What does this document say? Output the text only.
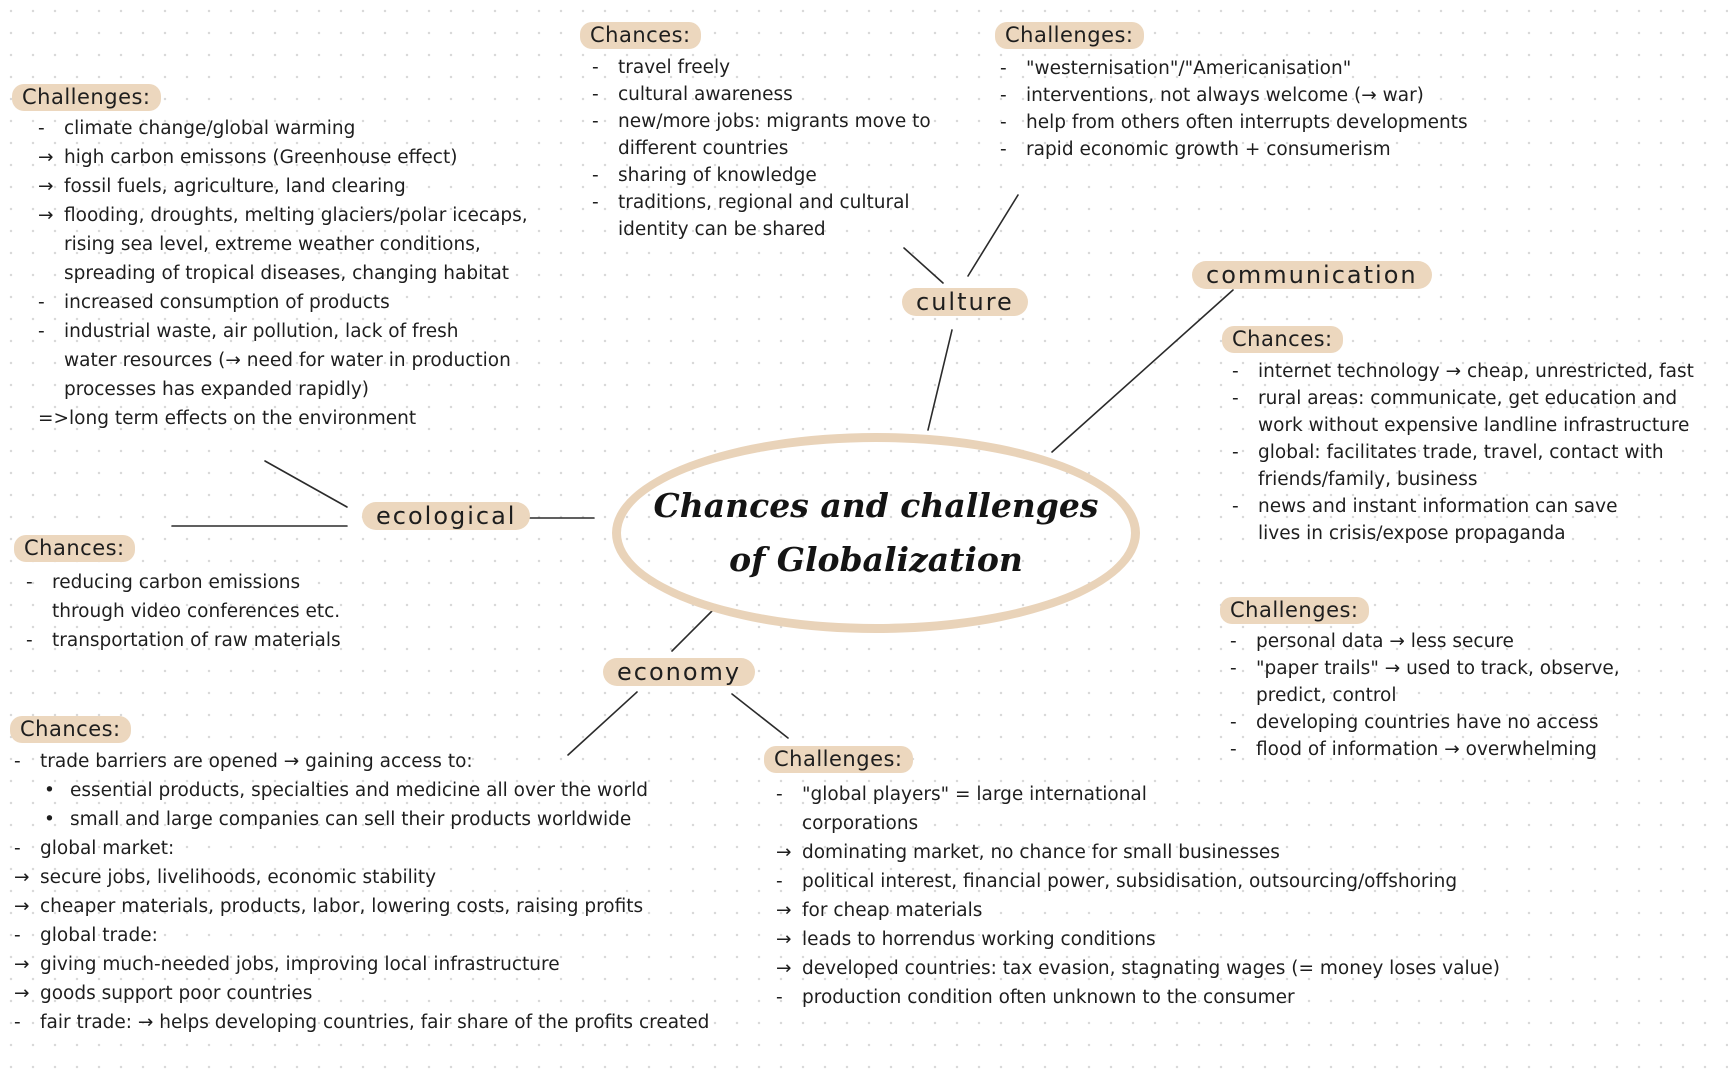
Chances and challenges
of Globalization
culture
communication
ecological
economy
Chances:
- travel freely
- cultural awareness
- new/more jobs: migrants move to
different countries
- sharing of knowledge
- traditions, regional and cultural
identity can be shared
Challenges:
- "westernisation"/"Americanisation"
- interventions, not always welcome (→ war)
- help from others often interrupts developments
- rapid economic growth + consumerism
Challenges:
- climate change/global warming
→ high carbon emissons (Greenhouse effect)
→ fossil fuels, agriculture, land clearing
→ flooding, droughts, melting glaciers/polar icecaps,
rising sea level, extreme weather conditions,
spreading of tropical diseases, changing habitat
- increased consumption of products
- industrial waste, air pollution, lack of fresh
water resources (→ need for water in production
processes has expanded rapidly)
=>long term effects on the environment
Chances:
- reducing carbon emissions
through video conferences etc.
- transportation of raw materials
Chances:
- internet technology → cheap, unrestricted, fast
- rural areas: communicate, get education and
work without expensive landline infrastructure
- global: facilitates trade, travel, contact with
friends/family, business
- news and instant information can save
lives in crisis/expose propaganda
Challenges:
- personal data → less secure
- "paper trails" → used to track, observe,
predict, control
- developing countries have no access
- flood of information → overwhelming
Chances:
- trade barriers are opened → gaining access to:
• essential products, specialties and medicine all over the world
• small and large companies can sell their products worldwide
- global market:
→ secure jobs, livelihoods, economic stability
→ cheaper materials, products, labor, lowering costs, raising profits
- global trade:
→ giving much-needed jobs, improving local infrastructure
→ goods support poor countries
- fair trade: → helps developing countries, fair share of the profits created
Challenges:
- "global players" = large international
corporations
→ dominating market, no chance for small businesses
- political interest, financial power, subsidisation, outsourcing/offshoring
→ for cheap materials
→ leads to horrendus working conditions
→ developed countries: tax evasion, stagnating wages (= money loses value)
- production condition often unknown to the consumer
